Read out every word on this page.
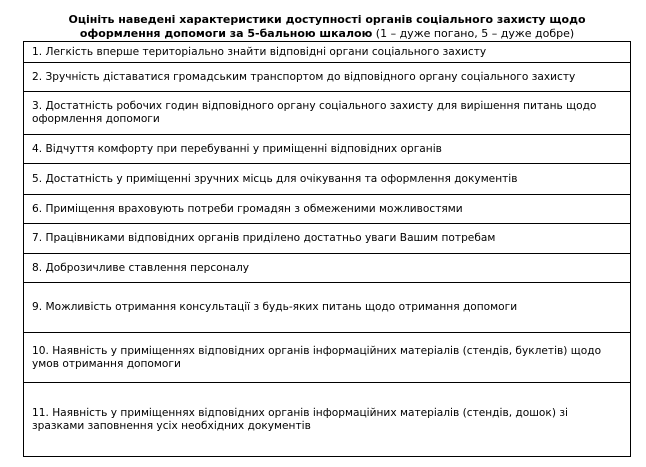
Оцініть наведені характеристики доступності органів соціального захисту щодо оформлення допомоги за 5-бальною шкалою (1 – дуже погано, 5 – дуже добре)

1. Легкість вперше територіально знайти відповідні органи соціального захисту

2. Зручність діставатися громадським транспортом до відповідного органу соціального захисту

3. Достатність робочих годин відповідного органу соціального захисту для вирішення питань щодо оформлення допомоги

4. Відчуття комфорту при перебуванні у приміщенні відповідних органів

5. Достатність у приміщенні зручних місць для очікування та оформлення документів

6. Приміщення враховують потреби громадян з обмеженими можливостями

7. Працівниками відповідних органів приділено достатньо уваги Вашим потребам

8. Доброзичливе ставлення персоналу

9. Можливість отримання консультації з будь-яких питань щодо отримання допомоги

10. Наявність у приміщеннях відповідних органів інформаційних матеріалів (стендів, буклетів) щодо умов отримання допомоги

11. Наявність у приміщеннях відповідних органів інформаційних матеріалів (стендів, дошок) зі зразками заповнення усіх необхідних документів
